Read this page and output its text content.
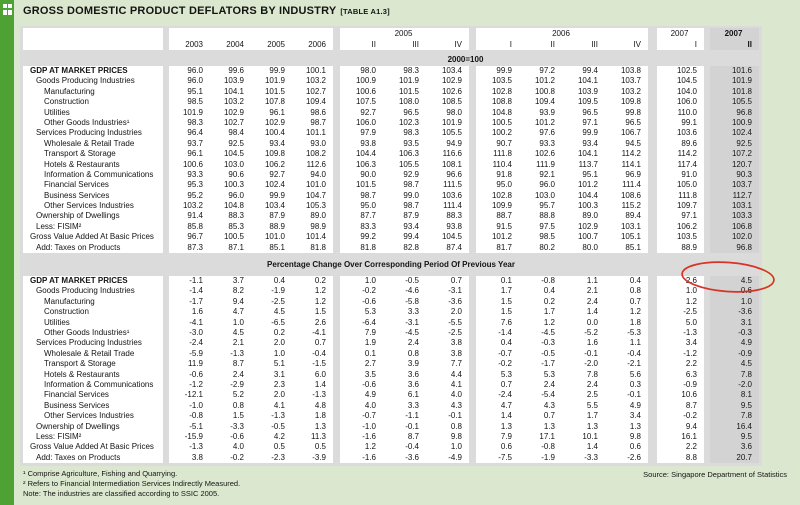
GROSS DOMESTIC PRODUCT DEFLATORS BY INDUSTRY [TABLE A1.3]
2005	2006	2007	2007
2003	2004	2005	2006	II	III	IV	I	II	III	IV	I	II
2000=100
GDP AT MARKET PRICES	96.0	99.6	99.9	100.1	98.0	98.3	103.4	99.9	97.2	99.4	103.8	102.5	101.6
Goods Producing Industries	96.0	103.9	101.9	103.2	100.9	101.9	102.9	103.5	101.2	104.1	103.7	104.5	101.9
Manufacturing	95.1	104.1	101.5	102.7	100.6	101.5	102.6	102.8	100.8	103.9	103.2	104.0	101.8
Construction	98.5	103.2	107.8	109.4	107.5	108.0	108.5	108.8	109.4	109.5	109.8	106.0	105.5
Utilities	101.9	102.9	96.1	98.6	92.7	96.5	98.0	104.8	93.9	96.5	99.8	110.0	96.8
Other Goods Industries¹	98.3	102.7	102.9	98.7	106.0	102.3	101.9	100.5	101.2	97.1	96.5	99.1	100.9
Services Producing Industries	96.4	98.4	100.4	101.1	97.9	98.3	105.5	100.2	97.6	99.9	106.7	103.6	102.4
Wholesale & Retail Trade	93.7	92.5	93.4	93.0	93.8	93.5	94.9	90.7	93.3	93.4	94.5	89.6	92.5
Transport & Storage	96.1	104.5	109.8	108.2	104.4	106.3	116.6	111.8	102.6	104.1	114.2	114.2	107.2
Hotels & Restaurants	100.6	103.0	106.2	112.6	106.3	105.5	108.1	110.4	111.9	113.7	114.1	117.4	120.7
Information & Communications	93.3	90.6	92.7	94.0	90.0	92.9	96.6	91.8	92.1	95.1	96.9	91.0	90.3
Financial Services	95.3	100.3	102.4	101.0	101.5	98.7	111.5	95.0	96.0	101.2	111.4	105.0	103.7
Business Services	95.2	96.0	99.9	104.7	98.7	99.0	103.6	102.8	103.0	104.4	108.6	111.8	112.7
Other Services Industries	103.2	104.8	103.4	105.3	95.0	98.7	111.4	109.9	95.7	100.3	115.2	109.7	103.1
Ownership of Dwellings	91.4	88.3	87.9	89.0	87.7	87.9	88.3	88.7	88.8	89.0	89.4	97.1	103.3
Less: FISIM²	85.8	85.3	88.9	98.9	83.3	93.4	93.8	91.5	97.5	102.9	103.1	106.2	106.8
Gross Value Added At Basic Prices	96.7	100.5	101.0	101.4	99.2	99.4	104.5	101.2	98.5	100.7	105.1	103.5	102.0
Add: Taxes on Products	87.3	87.1	85.1	81.8	81.8	82.8	87.4	81.7	80.2	80.0	85.1	88.9	96.8
Percentage Change Over Corresponding Period Of Previous Year
GDP AT MARKET PRICES	-1.1	3.7	0.4	0.2	1.0	-0.5	0.7	0.1	-0.8	1.1	0.4	2.6	4.5
Goods Producing Industries	-1.4	8.2	-1.9	1.2	-0.2	-4.6	-3.1	1.7	0.4	2.1	0.8	1.0	0.6
Manufacturing	-1.7	9.4	-2.5	1.2	-0.6	-5.8	-3.6	1.5	0.2	2.4	0.7	1.2	1.0
Construction	1.6	4.7	4.5	1.5	5.3	3.3	2.0	1.5	1.7	1.4	1.2	-2.5	-3.6
Utilities	-4.1	1.0	-6.5	2.6	-6.4	-3.1	-5.5	7.6	1.2	0.0	1.8	5.0	3.1
Other Goods Industries¹	-3.0	4.5	0.2	-4.1	7.9	-4.5	-2.5	-1.4	-4.5	-5.2	-5.3	-1.3	-0.3
Services Producing Industries	-2.4	2.1	2.0	0.7	1.9	2.4	3.8	0.4	-0.3	1.6	1.1	3.4	4.9
Wholesale & Retail Trade	-5.9	-1.3	1.0	-0.4	0.1	0.8	3.8	-0.7	-0.5	-0.1	-0.4	-1.2	-0.9
Transport & Storage	11.9	8.7	5.1	-1.5	2.7	3.9	7.7	-0.2	-1.7	-2.0	-2.1	2.2	4.5
Hotels & Restaurants	-0.6	2.4	3.1	6.0	3.5	3.6	4.4	5.3	5.3	7.8	5.6	6.3	7.8
Information & Communications	-1.2	-2.9	2.3	1.4	-0.6	3.6	4.1	0.7	2.4	2.4	0.3	-0.9	-2.0
Financial Services	-12.1	5.2	2.0	-1.3	4.9	6.1	4.0	-2.4	-5.4	2.5	-0.1	10.6	8.1
Business Services	-1.0	0.8	4.1	4.8	4.0	3.3	4.3	4.7	4.3	5.5	4.9	8.7	9.5
Other Services Industries	-0.8	1.5	-1.3	1.8	-0.7	-1.1	-0.1	1.4	0.7	1.7	3.4	-0.2	7.8
Ownership of Dwellings	-5.1	-3.3	-0.5	1.3	-1.0	-0.1	0.8	1.3	1.3	1.3	1.3	9.4	16.4
Less: FISIM²	-15.9	-0.6	4.2	11.3	-1.6	8.7	9.8	7.9	17.1	10.1	9.8	16.1	9.5
Gross Value Added At Basic Prices	-1.3	4.0	0.5	0.5	1.2	-0.4	1.0	0.6	-0.8	1.4	0.6	2.2	3.6
Add: Taxes on Products	3.8	-0.2	-2.3	-3.9	-1.6	-3.6	-4.9	-7.5	-1.9	-3.3	-2.6	8.8	20.7
¹ Comprise Agriculture, Fishing and Quarrying.
² Refers to Financial Intermediation Services Indirectly Measured.
Note: The industries are classified according to SSIC 2005.
Source: Singapore Department of Statistics
